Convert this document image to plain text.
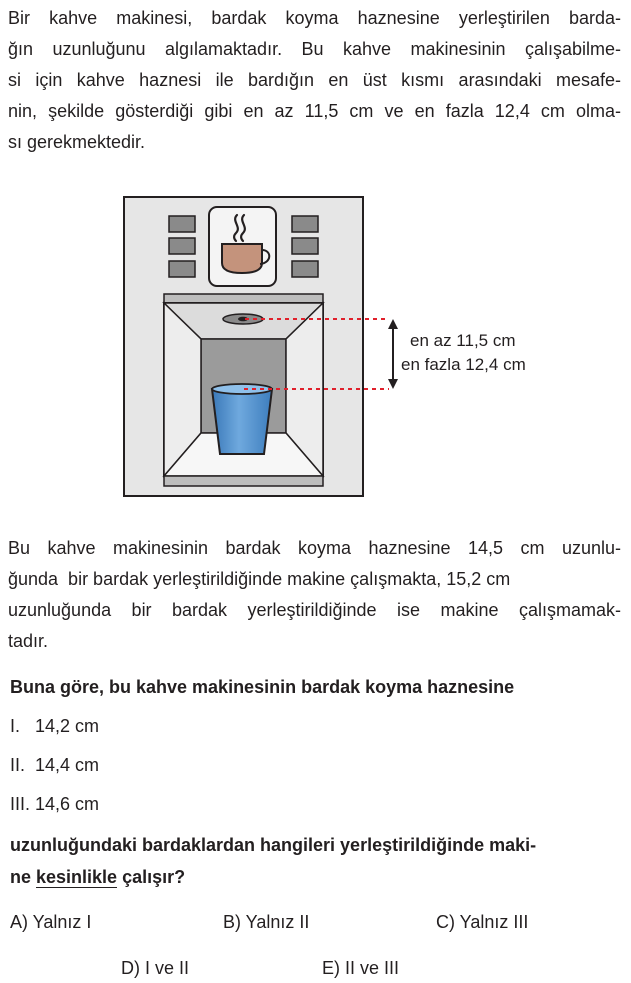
Bir kahve makinesi, bardak koyma haznesine yerleştirilen barda-
ğın uzunluğunu algılamaktadır. Bu kahve makinesinin çalışabilme-
si için kahve haznesi ile bardığın en üst kısmı arasındaki mesafe-
nin, şekilde gösterdiği gibi en az 11,5 cm ve en fazla 12,4 cm olma-
sı gerekmektedir.
en az 11,5 cm
en fazla 12,4 cm
Bu kahve makinesinin bardak koyma haznesine 14,5 cm uzunlu-
ğunda  bir bardak yerleştirildiğinde makine çalışmakta, 15,2 cm
uzunluğunda bir bardak yerleştirildiğinde ise makine çalışmamak-
tadır.
Buna göre, bu kahve makinesinin bardak koyma haznesine
I.   14,2 cm
II.  14,4 cm
III. 14,6 cm
uzunluğundaki bardaklardan hangileri yerleştirildiğinde maki-
ne kesinlikle çalışır?
A) Yalnız I	B) Yalnız II	C) Yalnız III
D) I ve II	E) II ve III
